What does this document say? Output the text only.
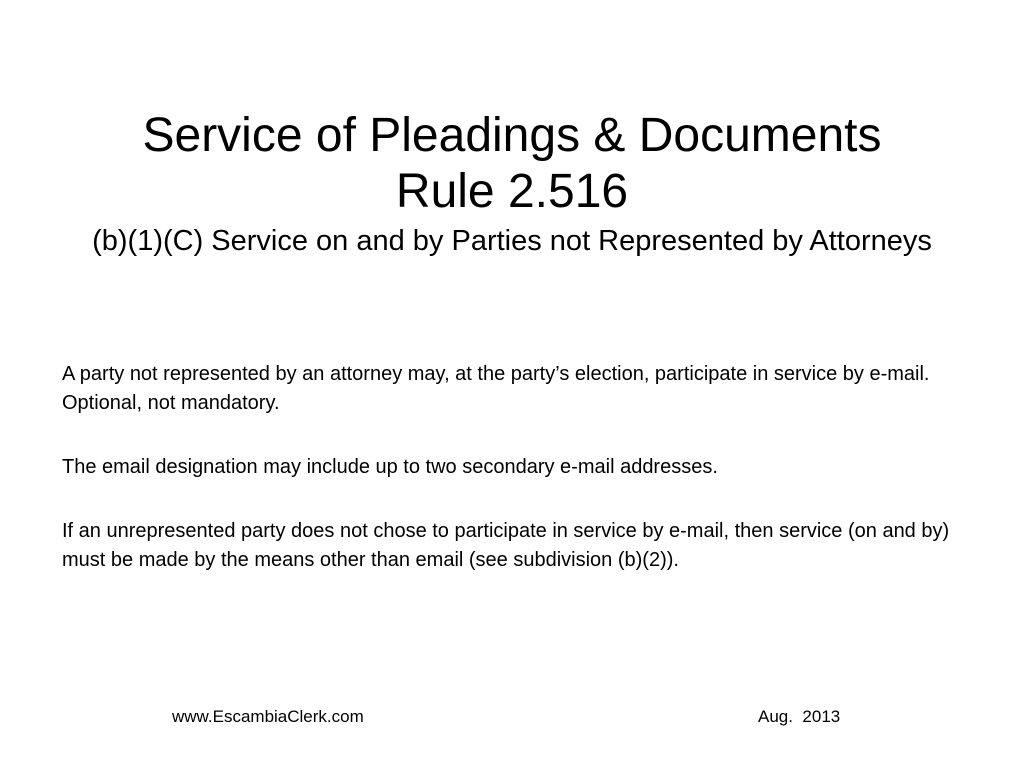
Service of Pleadings & Documents
Rule 2.516
(b)(1)(C) Service on and by Parties not Represented by Attorneys

A party not represented by an attorney may, at the party’s election, participate in service by e-mail.  Optional, not mandatory.

The email designation may include up to two secondary e-mail addresses.

If an unrepresented party does not chose to participate in service by e-mail, then service (on and by) must be made by the means other than email (see subdivision (b)(2)).

www.EscambiaClerk.com	Aug.  2013
